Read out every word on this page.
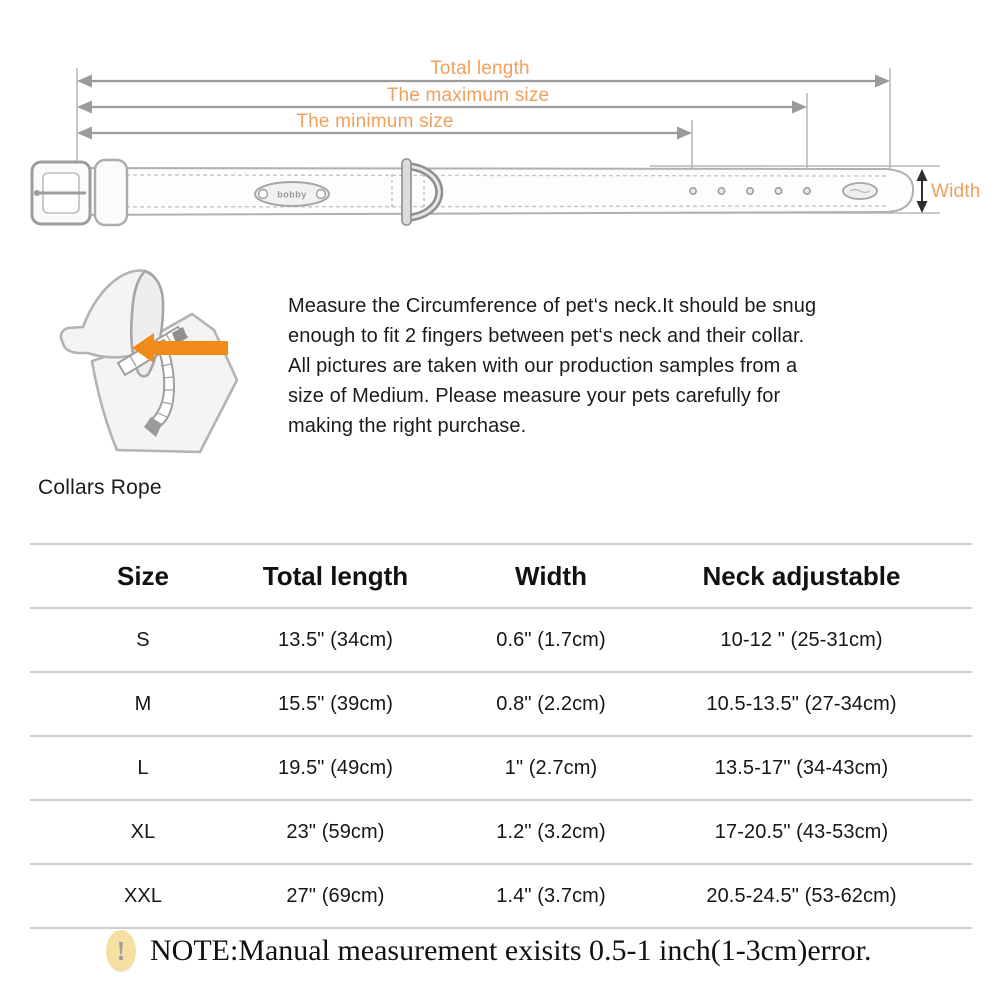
bobby
Total length
The maximum size
The minimum size
Width
Measure the Circumference of pet‘s neck.It should be snug
enough to fit 2 fingers between pet‘s neck and their collar.
All pictures are taken with our production samples from a
size of Medium. Please measure your pets carefully for
making the right purchase.
Collars Rope
Size	Total length	Width	Neck adjustable
S	13.5" (34cm)	0.6" (1.7cm)	10-12 " (25-31cm)
M	15.5" (39cm)	0.8" (2.2cm)	10.5-13.5" (27-34cm)
L	19.5" (49cm)	1" (2.7cm)	13.5-17" (34-43cm)
XL	23" (59cm)	1.2" (3.2cm)	17-20.5" (43-53cm)
XXL	27" (69cm)	1.4" (3.7cm)	20.5-24.5" (53-62cm)
! NOTE:Manual measurement exisits 0.5-1 inch(1-3cm)error.
